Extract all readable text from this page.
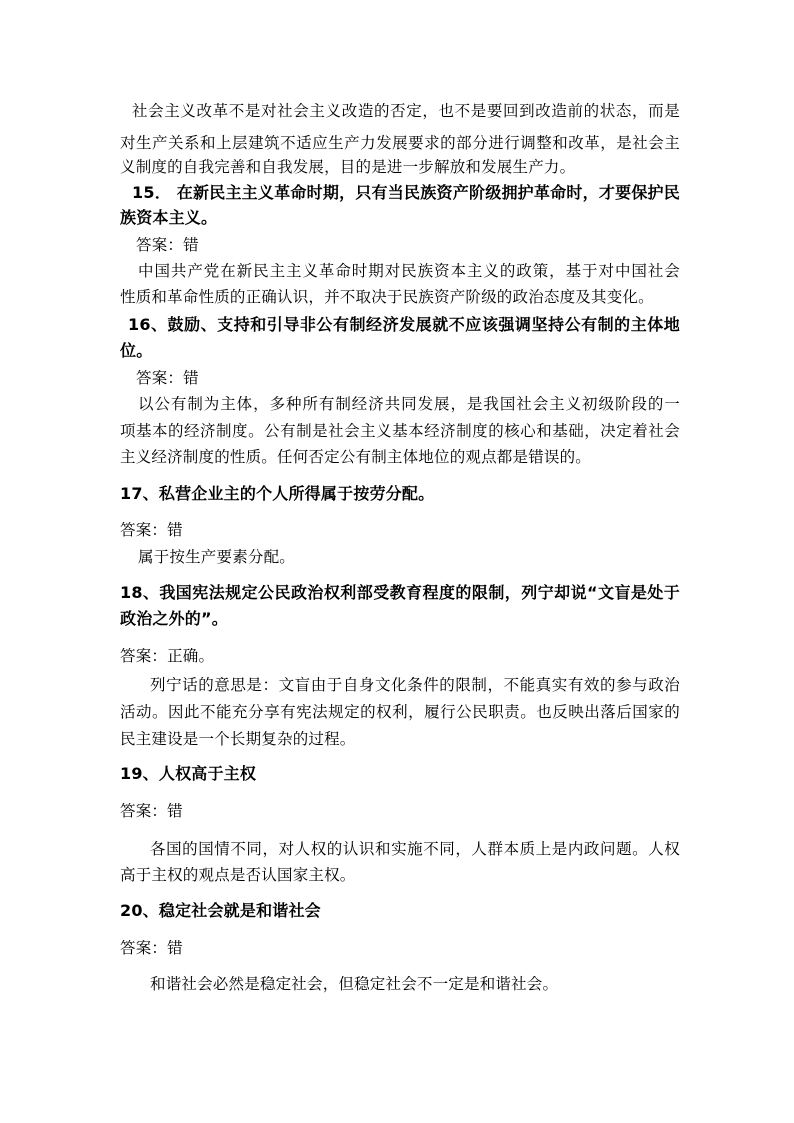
社会主义改革不是对社会主义改造的否定，也不是要回到改造前的状态，而是
对生产关系和上层建筑不适应生产力发展要求的部分进行调整和改革，是社会主
义制度的自我完善和自我发展，目的是进一步解放和发展生产力。
15． 在新民主主义革命时期，只有当民族资产阶级拥护革命时，才要保护民
族资本主义。
答案：错
中国共产党在新民主主义革命时期对民族资本主义的政策，基于对中国社会
性质和革命性质的正确认识，并不取决于民族资产阶级的政治态度及其变化。
16、鼓励、支持和引导非公有制经济发展就不应该强调坚持公有制的主体地
位。
答案：错
以公有制为主体，多种所有制经济共同发展，是我国社会主义初级阶段的一
项基本的经济制度。公有制是社会主义基本经济制度的核心和基础，决定着社会
主义经济制度的性质。任何否定公有制主体地位的观点都是错误的。
17、私营企业主的个人所得属于按劳分配。
答案：错
属于按生产要素分配。
18、我国宪法规定公民政治权利部受教育程度的限制，列宁却说“文盲是处于
政治之外的”。
答案：正确。
列宁话的意思是：文盲由于自身文化条件的限制，不能真实有效的参与政治
活动。因此不能充分享有宪法规定的权利，履行公民职责。也反映出落后国家的
民主建设是一个长期复杂的过程。
19、人权高于主权
答案：错
各国的国情不同，对人权的认识和实施不同，人群本质上是内政问题。人权
高于主权的观点是否认国家主权。
20、稳定社会就是和谐社会
答案：错
和谐社会必然是稳定社会，但稳定社会不一定是和谐社会。
